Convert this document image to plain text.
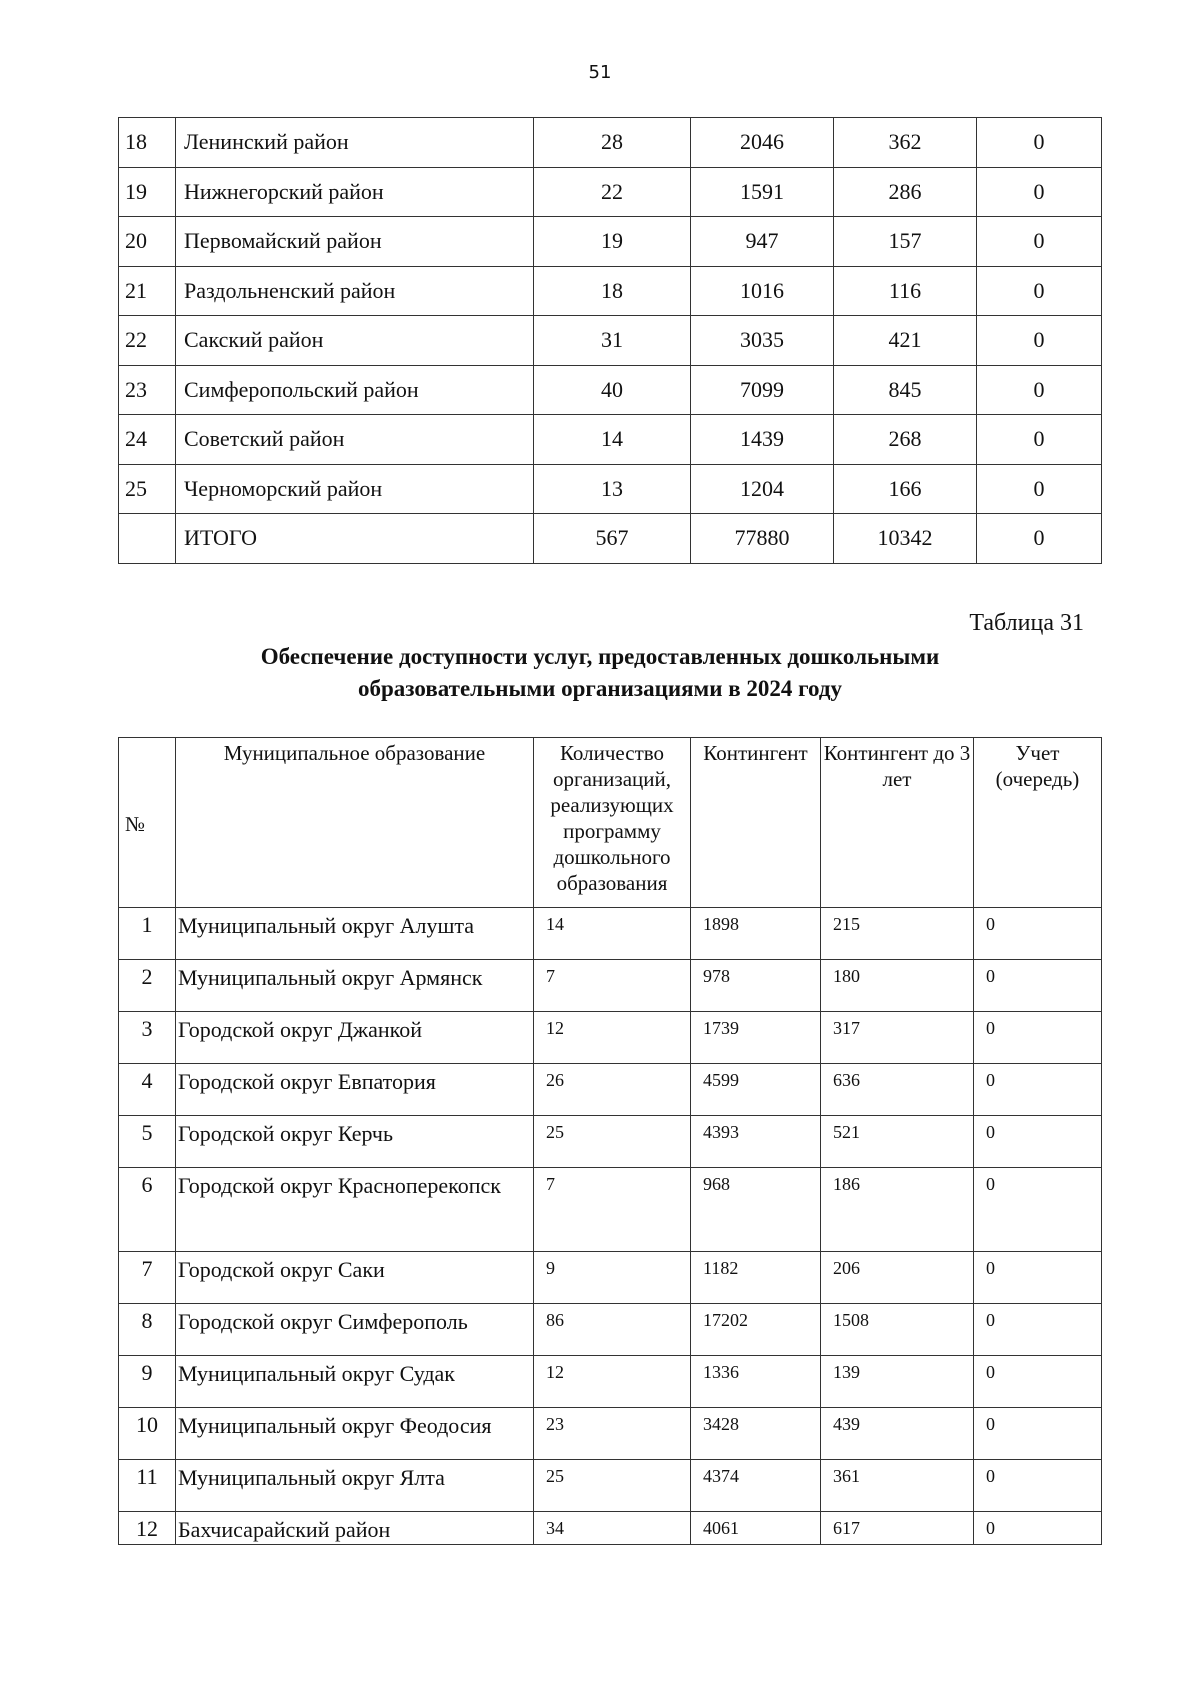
51
18	Ленинский район	28	2046	362	0
19	Нижнегорский район	22	1591	286	0
20	Первомайский район	19	947	157	0
21	Раздольненский район	18	1016	116	0
22	Сакский район	31	3035	421	0
23	Симферопольский район	40	7099	845	0
24	Советский район	14	1439	268	0
25	Черноморский район	13	1204	166	0
	ИТОГО	567	77880	10342	0
Таблица 31
Обеспечение доступности услуг, предоставленных дошкольными
образовательными организациями в 2024 году
№	Муниципальное образование	Количество организаций, реализующих программу дошкольного образования	Контингент	Контингент до 3 лет	Учет (очередь)
1	Муниципальный округ Алушта	14	1898	215	0
2	Муниципальный округ Армянск	7	978	180	0
3	Городской округ Джанкой	12	1739	317	0
4	Городской округ Евпатория	26	4599	636	0
5	Городской округ Керчь	25	4393	521	0
6	Городской округ Красноперекопск	7	968	186	0
7	Городской округ Саки	9	1182	206	0
8	Городской округ Симферополь	86	17202	1508	0
9	Муниципальный округ Судак	12	1336	139	0
10	Муниципальный округ Феодосия	23	3428	439	0
11	Муниципальный округ Ялта	25	4374	361	0
12	Бахчисарайский район	34	4061	617	0
